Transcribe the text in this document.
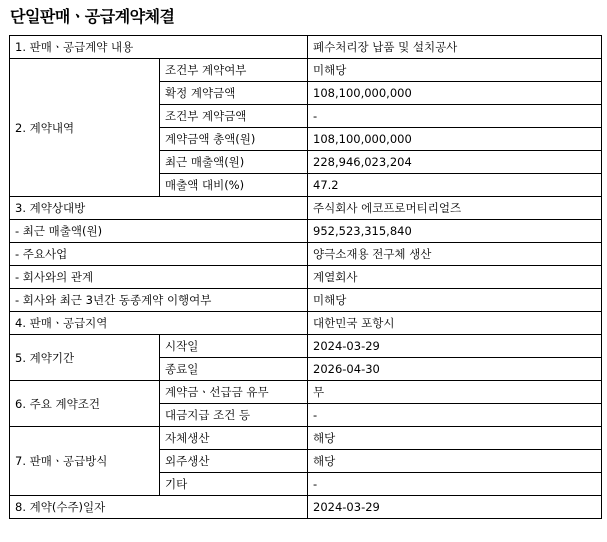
단일판매ㆍ공급계약체결
1. 판매ㆍ공급계약 내용		폐수처리장 납품 및 설치공사
2. 계약내역	조건부 계약여부	미해당
	확정 계약금액	108,100,000,000
	조건부 계약금액	-
	계약금액 총액(원)	108,100,000,000
	최근 매출액(원)	228,946,023,204
	매출액 대비(%)	47.2
3. 계약상대방		주식회사 에코프로머티리얼즈
- 최근 매출액(원)		952,523,315,840
- 주요사업		양극소재용 전구체 생산
- 회사와의 관계		계열회사
- 회사와 최근 3년간 동종계약 이행여부		미해당
4. 판매ㆍ공급지역		대한민국 포항시
5. 계약기간	시작일	2024-03-29
	종료일	2026-04-30
6. 주요 계약조건	계약금ㆍ선급금 유무	무
	대금지급 조건 등	-
7. 판매ㆍ공급방식	자체생산	해당
	외주생산	해당
	기타	-
8. 계약(수주)일자		2024-03-29
